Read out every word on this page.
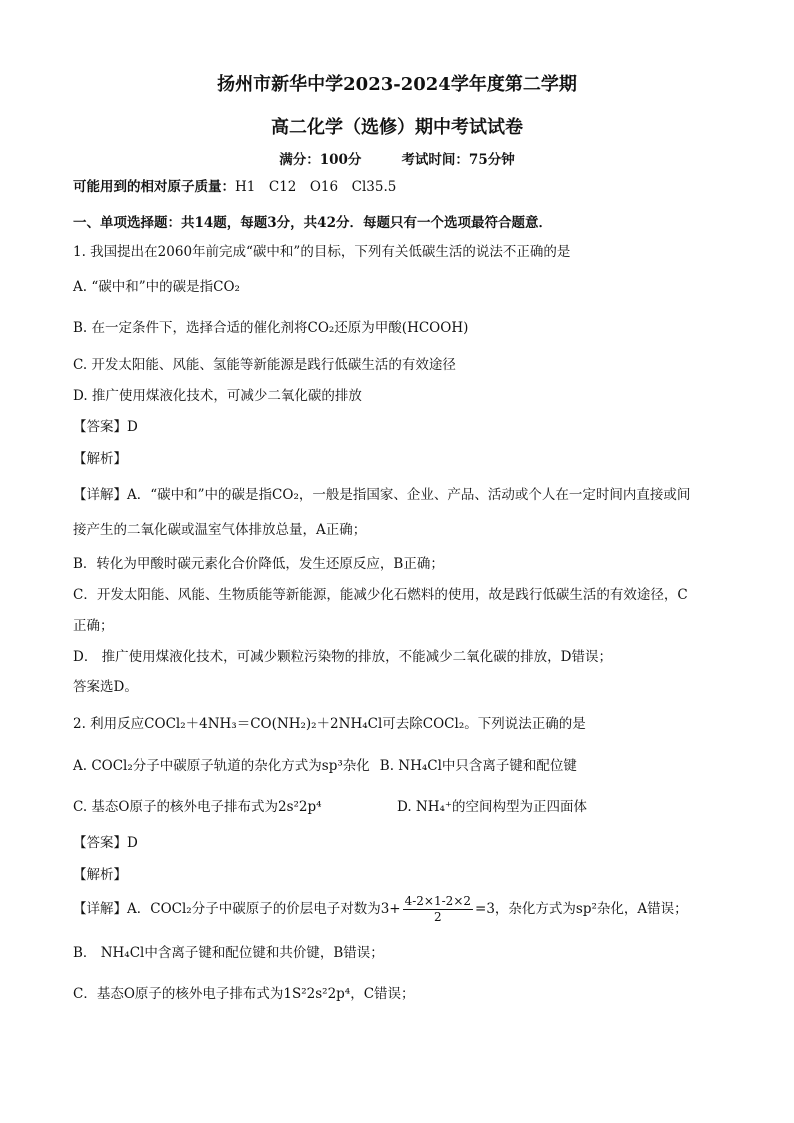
扬州市新华中学2023-2024学年度第二学期
高二化学（选修）期中考试试卷
满分：100分	考试时间：75分钟
可能用到的相对原子质量：H1　C12　O16　Cl35.5
一、单项选择题：共14题，每题3分，共42分．每题只有一个选项最符合题意．
1. 我国提出在2060年前完成“碳中和”的目标，下列有关低碳生活的说法不正确的是
A. “碳中和”中的碳是指CO₂
B. 在一定条件下，选择合适的催化剂将CO₂还原为甲酸(HCOOH)
C. 开发太阳能、风能、氢能等新能源是践行低碳生活的有效途径
D. 推广使用煤液化技术，可减少二氧化碳的排放
【答案】D
【解析】
【详解】A．“碳中和”中的碳是指CO₂，一般是指国家、企业、产品、活动或个人在一定时间内直接或间
接产生的二氧化碳或温室气体排放总量，A正确；
B．转化为甲酸时碳元素化合价降低，发生还原反应，B正确；
C．开发太阳能、风能、生物质能等新能源，能减少化石燃料的使用，故是践行低碳生活的有效途径，C
正确；
D． 推广使用煤液化技术，可减少颗粒污染物的排放，不能减少二氧化碳的排放，D错误；
答案选D。
2. 利用反应COCl₂＋4NH₃＝CO(NH₂)₂＋2NH₄Cl可去除COCl₂。下列说法正确的是
A. COCl₂分子中碳原子轨道的杂化方式为sp³杂化 B. NH₄Cl中只含离子键和配位键
C. 基态O原子的核外电子排布式为2s²2p⁴	D. NH₄⁺的空间构型为正四面体
【答案】D
【解析】
【详解】A．COCl₂分子中碳原子的价层电子对数为$3+ \frac{4-2\times 1-2\times 2}{2} =3$，杂化方式为sp²杂化，A错误；
B． NH₄Cl中含离子键和配位键和共价键，B错误；
C．基态O原子的核外电子排布式为1S²2s²2p⁴，C错误；
